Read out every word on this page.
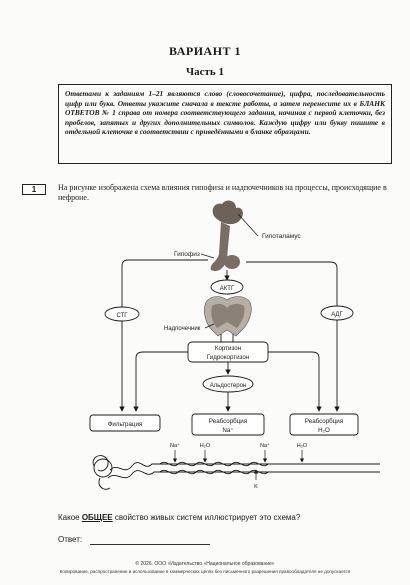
ВАРИАНТ 1
Часть 1

Ответами к заданиям 1–21 являются слово (словосочетание), цифра, последовательность цифр или букв. Ответы укажите сначала в тексте работы, а затем перенесите их в БЛАНК ОТВЕТОВ № 1 справа от номера соответствующего задания, начиная с первой клеточки, без пробелов, запятых и других дополнительных символов. Каждую цифру или букву пишите в отдельной клеточке в соответствии с приведёнными в бланке образцами.

1	На рисунке изображена схема влияния гипофиза и надпочечников на процессы, происходящие в нефроне.
Гипоталамус
Гипофиз
СТГ	АДГ
АКТГ
Надпочечник
Кортизон
Гидрокортизон
Альдостерон
Фильтрация	Реабсорбция
Na⁺
Реабсорбция
H₂O
Na⁺	H₂O	Na⁺	H₂O
K
Какое ОБЩЕЕ свойство живых систем иллюстрирует это схема?
Ответ:
© 2026. ООО «Издательство «Национальное образование»
Копирование, распространение и использование в коммерческих целях без письменного разрешения правообладателя не допускается
